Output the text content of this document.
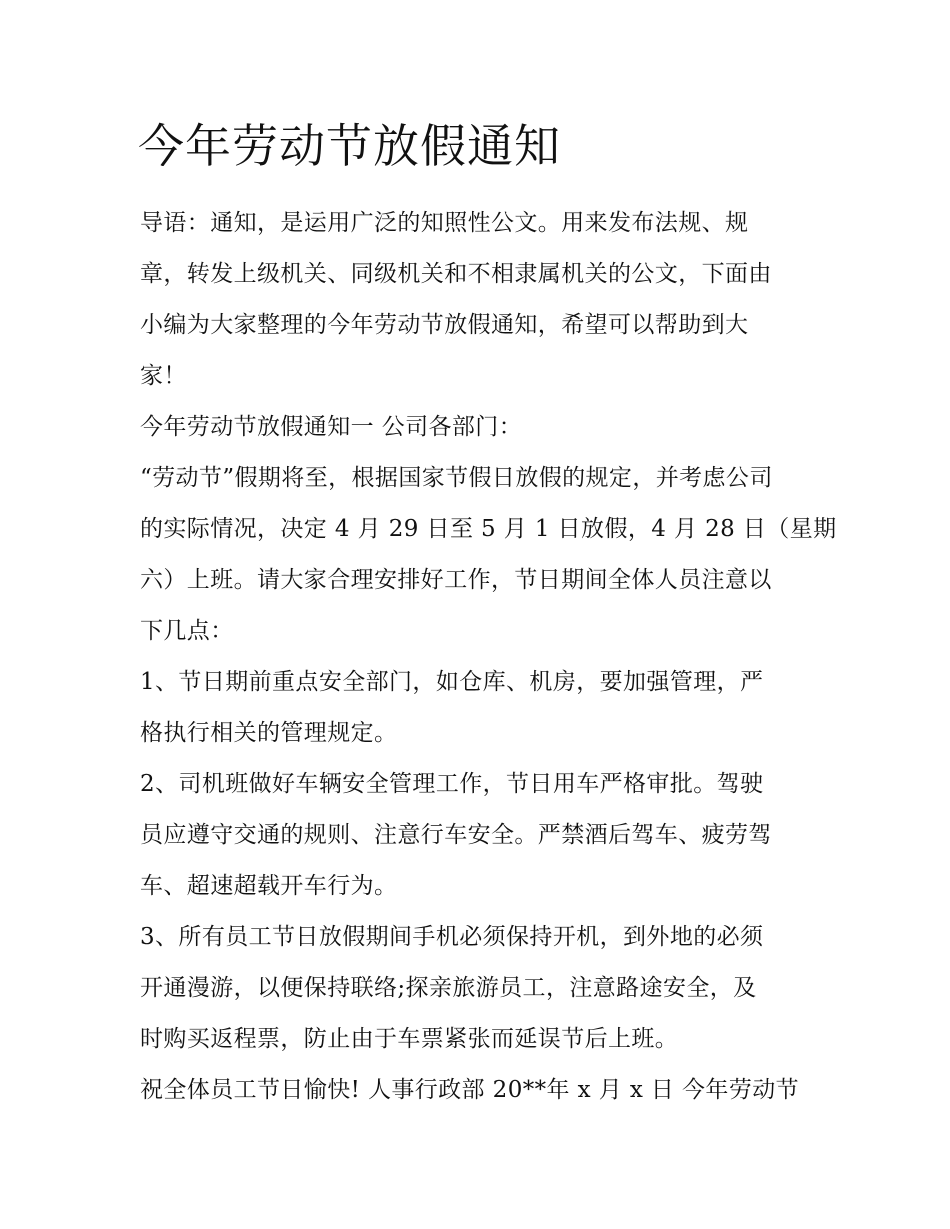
今年劳动节放假通知
导语：通知，是运用广泛的知照性公文。用来发布法规、规
章，转发上级机关、同级机关和不相隶属机关的公文，下面由
小编为大家整理的今年劳动节放假通知，希望可以帮助到大
家！
今年劳动节放假通知一 公司各部门：
“劳动节”假期将至，根据国家节假日放假的规定，并考虑公司
的实际情况，决定 4 月 29 日至 5 月 1 日放假，4 月 28 日（星期
六）上班。请大家合理安排好工作，节日期间全体人员注意以
下几点：
1、节日期前重点安全部门，如仓库、机房，要加强管理，严
格执行相关的管理规定。
2、司机班做好车辆安全管理工作，节日用车严格审批。驾驶
员应遵守交通的规则、注意行车安全。严禁酒后驾车、疲劳驾
车、超速超载开车行为。
3、所有员工节日放假期间手机必须保持开机，到外地的必须
开通漫游，以便保持联络;探亲旅游员工，注意路途安全，及
时购买返程票，防止由于车票紧张而延误节后上班。
祝全体员工节日愉快! 人事行政部 20**年 x 月 x 日 今年劳动节
